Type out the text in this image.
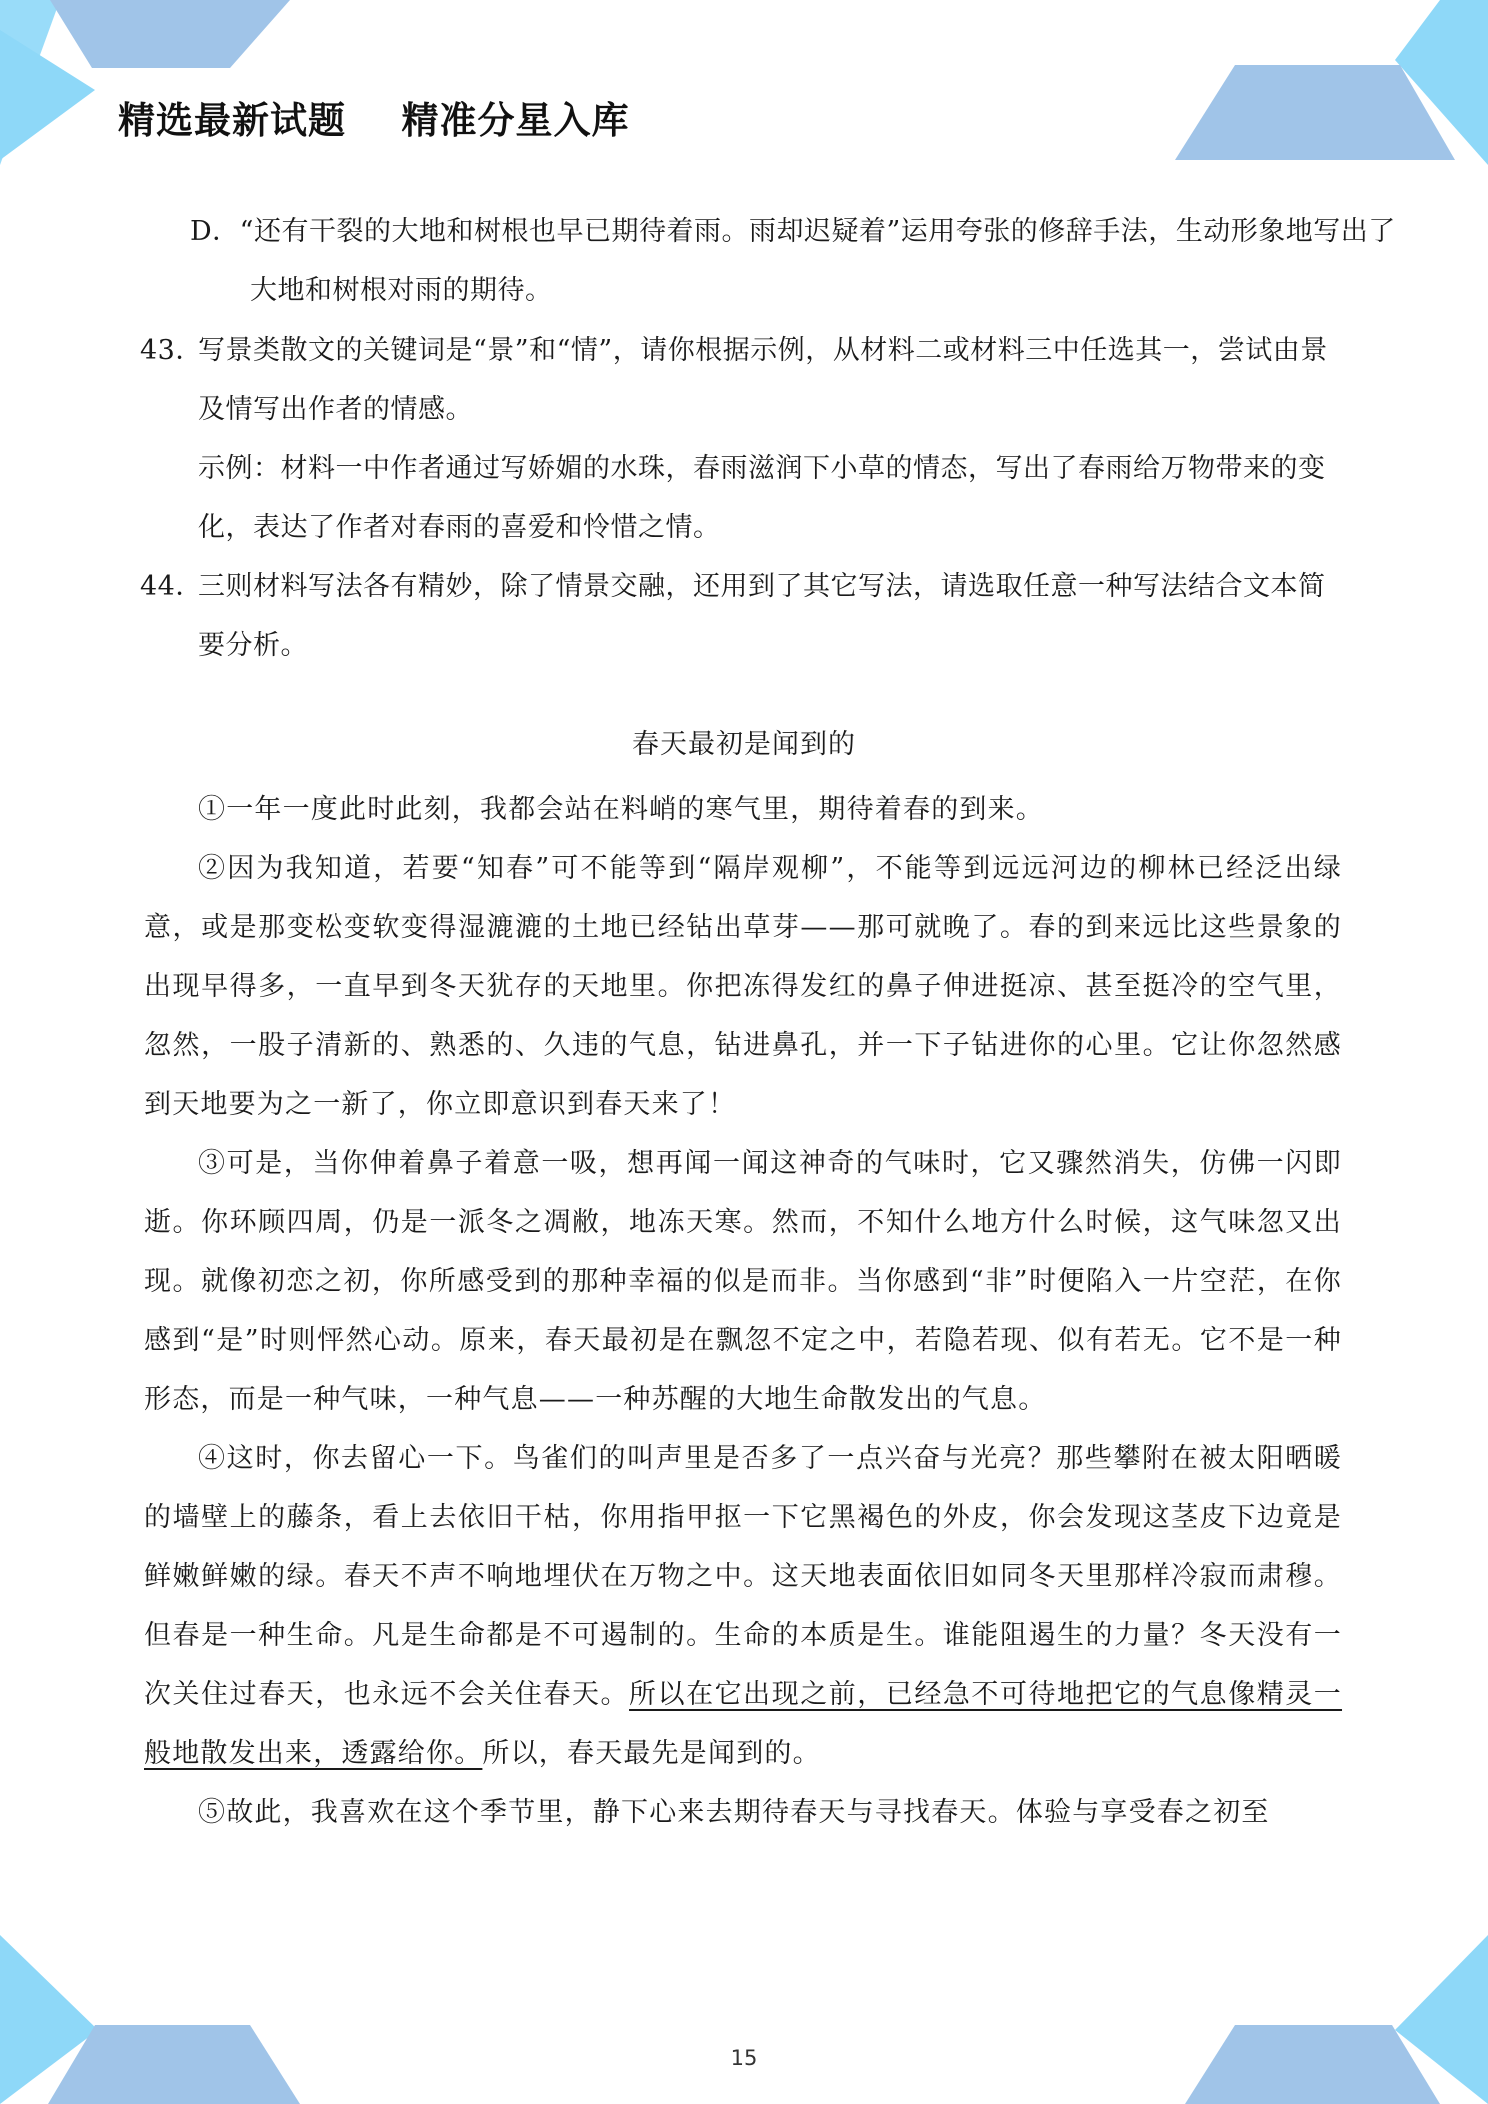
精选最新试题    精准分星入库
D．“还有干裂的大地和树根也早已期待着雨。雨却迟疑着”运用夸张的修辞手法，生动形象地写出了大地和树根对雨的期待。
43．
写景类散文的关键词是“景”和“情”，请你根据示例，从材料二或材料三中任选其一，尝试由景及情写出作者的情感。
示例：材料一中作者通过写娇媚的水珠，春雨滋润下小草的情态，写出了春雨给万物带来的变化，表达了作者对春雨的喜爱和怜惜之情。
44．
三则材料写法各有精妙，除了情景交融，还用到了其它写法，请选取任意一种写法结合文本简要分析。
春天最初是闻到的

①一年一度此时此刻，我都会站在料峭的寒气里，期待着春的到来。

②因为我知道，若要“知春”可不能等到“隔岸观柳”，不能等到远远河边的柳林已经泛出绿意，或是那变松变软变得湿漉漉的土地已经钻出草芽——那可就晚了。春的到来远比这些景象的出现早得多，一直早到冬天犹存的天地里。你把冻得发红的鼻子伸进挺凉、甚至挺冷的空气里，忽然，一股子清新的、熟悉的、久违的气息，钻进鼻孔，并一下子钻进你的心里。它让你忽然感到天地要为之一新了，你立即意识到春天来了！

③可是，当你伸着鼻子着意一吸，想再闻一闻这神奇的气味时，它又骤然消失，仿佛一闪即逝。你环顾四周，仍是一派冬之凋敝，地冻天寒。然而，不知什么地方什么时候，这气味忽又出现。就像初恋之初，你所感受到的那种幸福的似是而非。当你感到“非”时便陷入一片空茫，在你感到“是”时则怦然心动。原来，春天最初是在飘忽不定之中，若隐若现、似有若无。它不是一种形态，而是一种气味，一种气息——一种苏醒的大地生命散发出的气息。

④这时，你去留心一下。鸟雀们的叫声里是否多了一点兴奋与光亮？那些攀附在被太阳晒暖的墙壁上的藤条，看上去依旧干枯，你用指甲抠一下它黑褐色的外皮，你会发现这茎皮下边竟是鲜嫩鲜嫩的绿。春天不声不响地埋伏在万物之中。这天地表面依旧如同冬天里那样冷寂而肃穆。但春是一种生命。凡是生命都是不可遏制的。生命的本质是生。谁能阻遏生的力量？冬天没有一次关住过春天，也永远不会关住春天。所以在它出现之前，已经急不可待地把它的气息像精灵一般地散发出来，透露给你。所以，春天最先是闻到的。

⑤故此，我喜欢在这个季节里，静下心来去期待春天与寻找春天。体验与享受春之初至

15
